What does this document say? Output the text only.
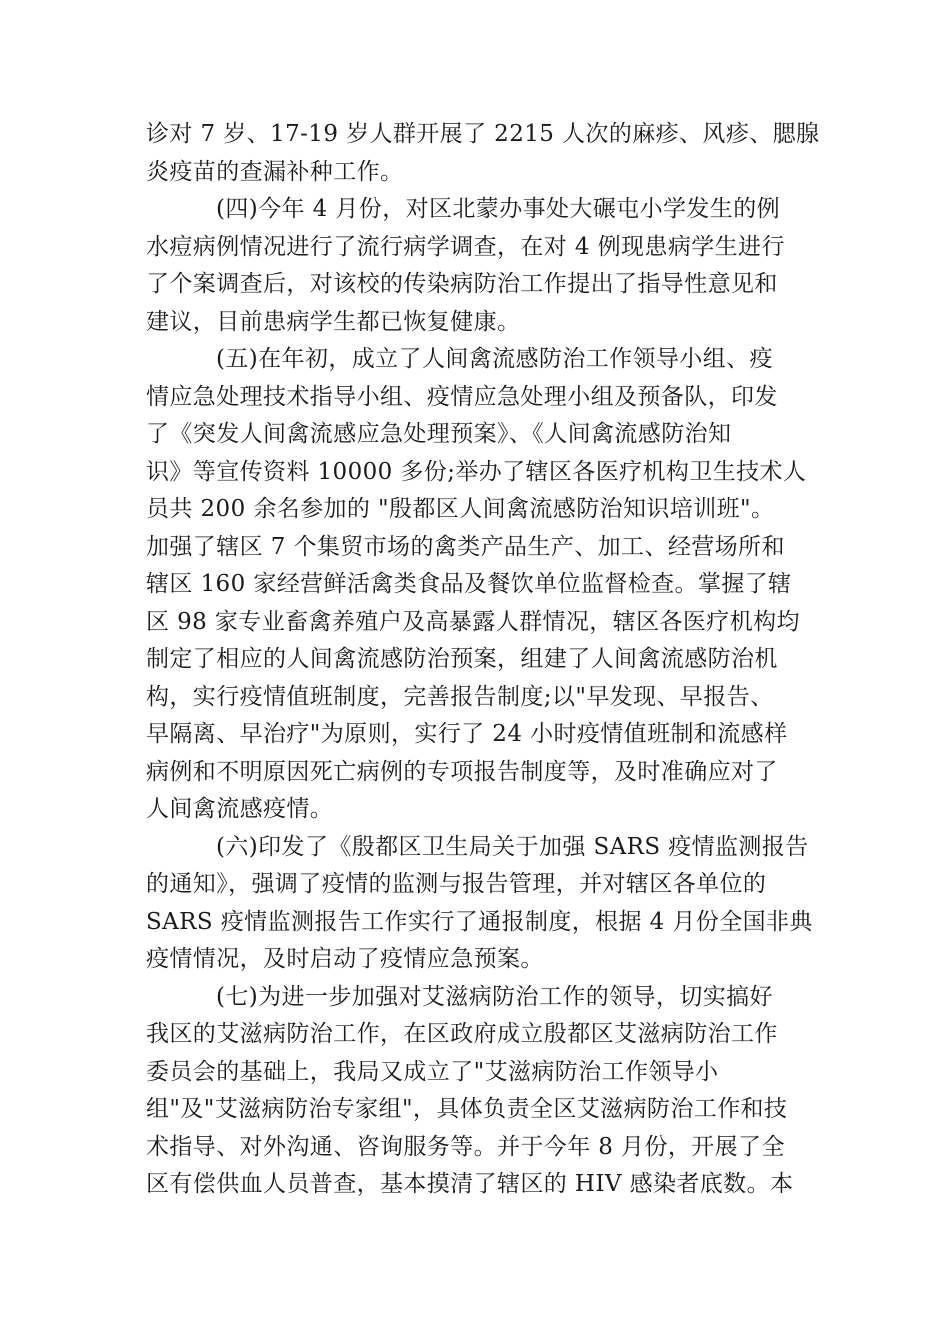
诊对 7 岁、17-19 岁人群开展了 2215 人次的麻疹、风疹、腮腺
炎疫苗的查漏补种工作。
(四)今年 4 月份，对区北蒙办事处大碾屯小学发生的例
水痘病例情况进行了流行病学调查，在对 4 例现患病学生进行
了个案调查后，对该校的传染病防治工作提出了指导性意见和
建议，目前患病学生都已恢复健康。
(五)在年初，成立了人间禽流感防治工作领导小组、疫
情应急处理技术指导小组、疫情应急处理小组及预备队，印发
了《突发人间禽流感应急处理预案》、《人间禽流感防治知
识》等宣传资料 10000 多份;举办了辖区各医疗机构卫生技术人
员共 200 余名参加的 "殷都区人间禽流感防治知识培训班"。
加强了辖区 7 个集贸市场的禽类产品生产、加工、经营场所和
辖区 160 家经营鲜活禽类食品及餐饮单位监督检查。掌握了辖
区 98 家专业畜禽养殖户及高暴露人群情况，辖区各医疗机构均
制定了相应的人间禽流感防治预案，组建了人间禽流感防治机
构，实行疫情值班制度，完善报告制度;以"早发现、早报告、
早隔离、早治疗"为原则，实行了 24 小时疫情值班制和流感样
病例和不明原因死亡病例的专项报告制度等，及时准确应对了
人间禽流感疫情。
(六)印发了《殷都区卫生局关于加强 SARS 疫情监测报告
的通知》，强调了疫情的监测与报告管理，并对辖区各单位的
SARS 疫情监测报告工作实行了通报制度，根据 4 月份全国非典
疫情情况，及时启动了疫情应急预案。
(七)为进一步加强对艾滋病防治工作的领导，切实搞好
我区的艾滋病防治工作，在区政府成立殷都区艾滋病防治工作
委员会的基础上，我局又成立了"艾滋病防治工作领导小
组"及"艾滋病防治专家组"，具体负责全区艾滋病防治工作和技
术指导、对外沟通、咨询服务等。并于今年 8 月份，开展了全
区有偿供血人员普查，基本摸清了辖区的 HIV 感染者底数。本
